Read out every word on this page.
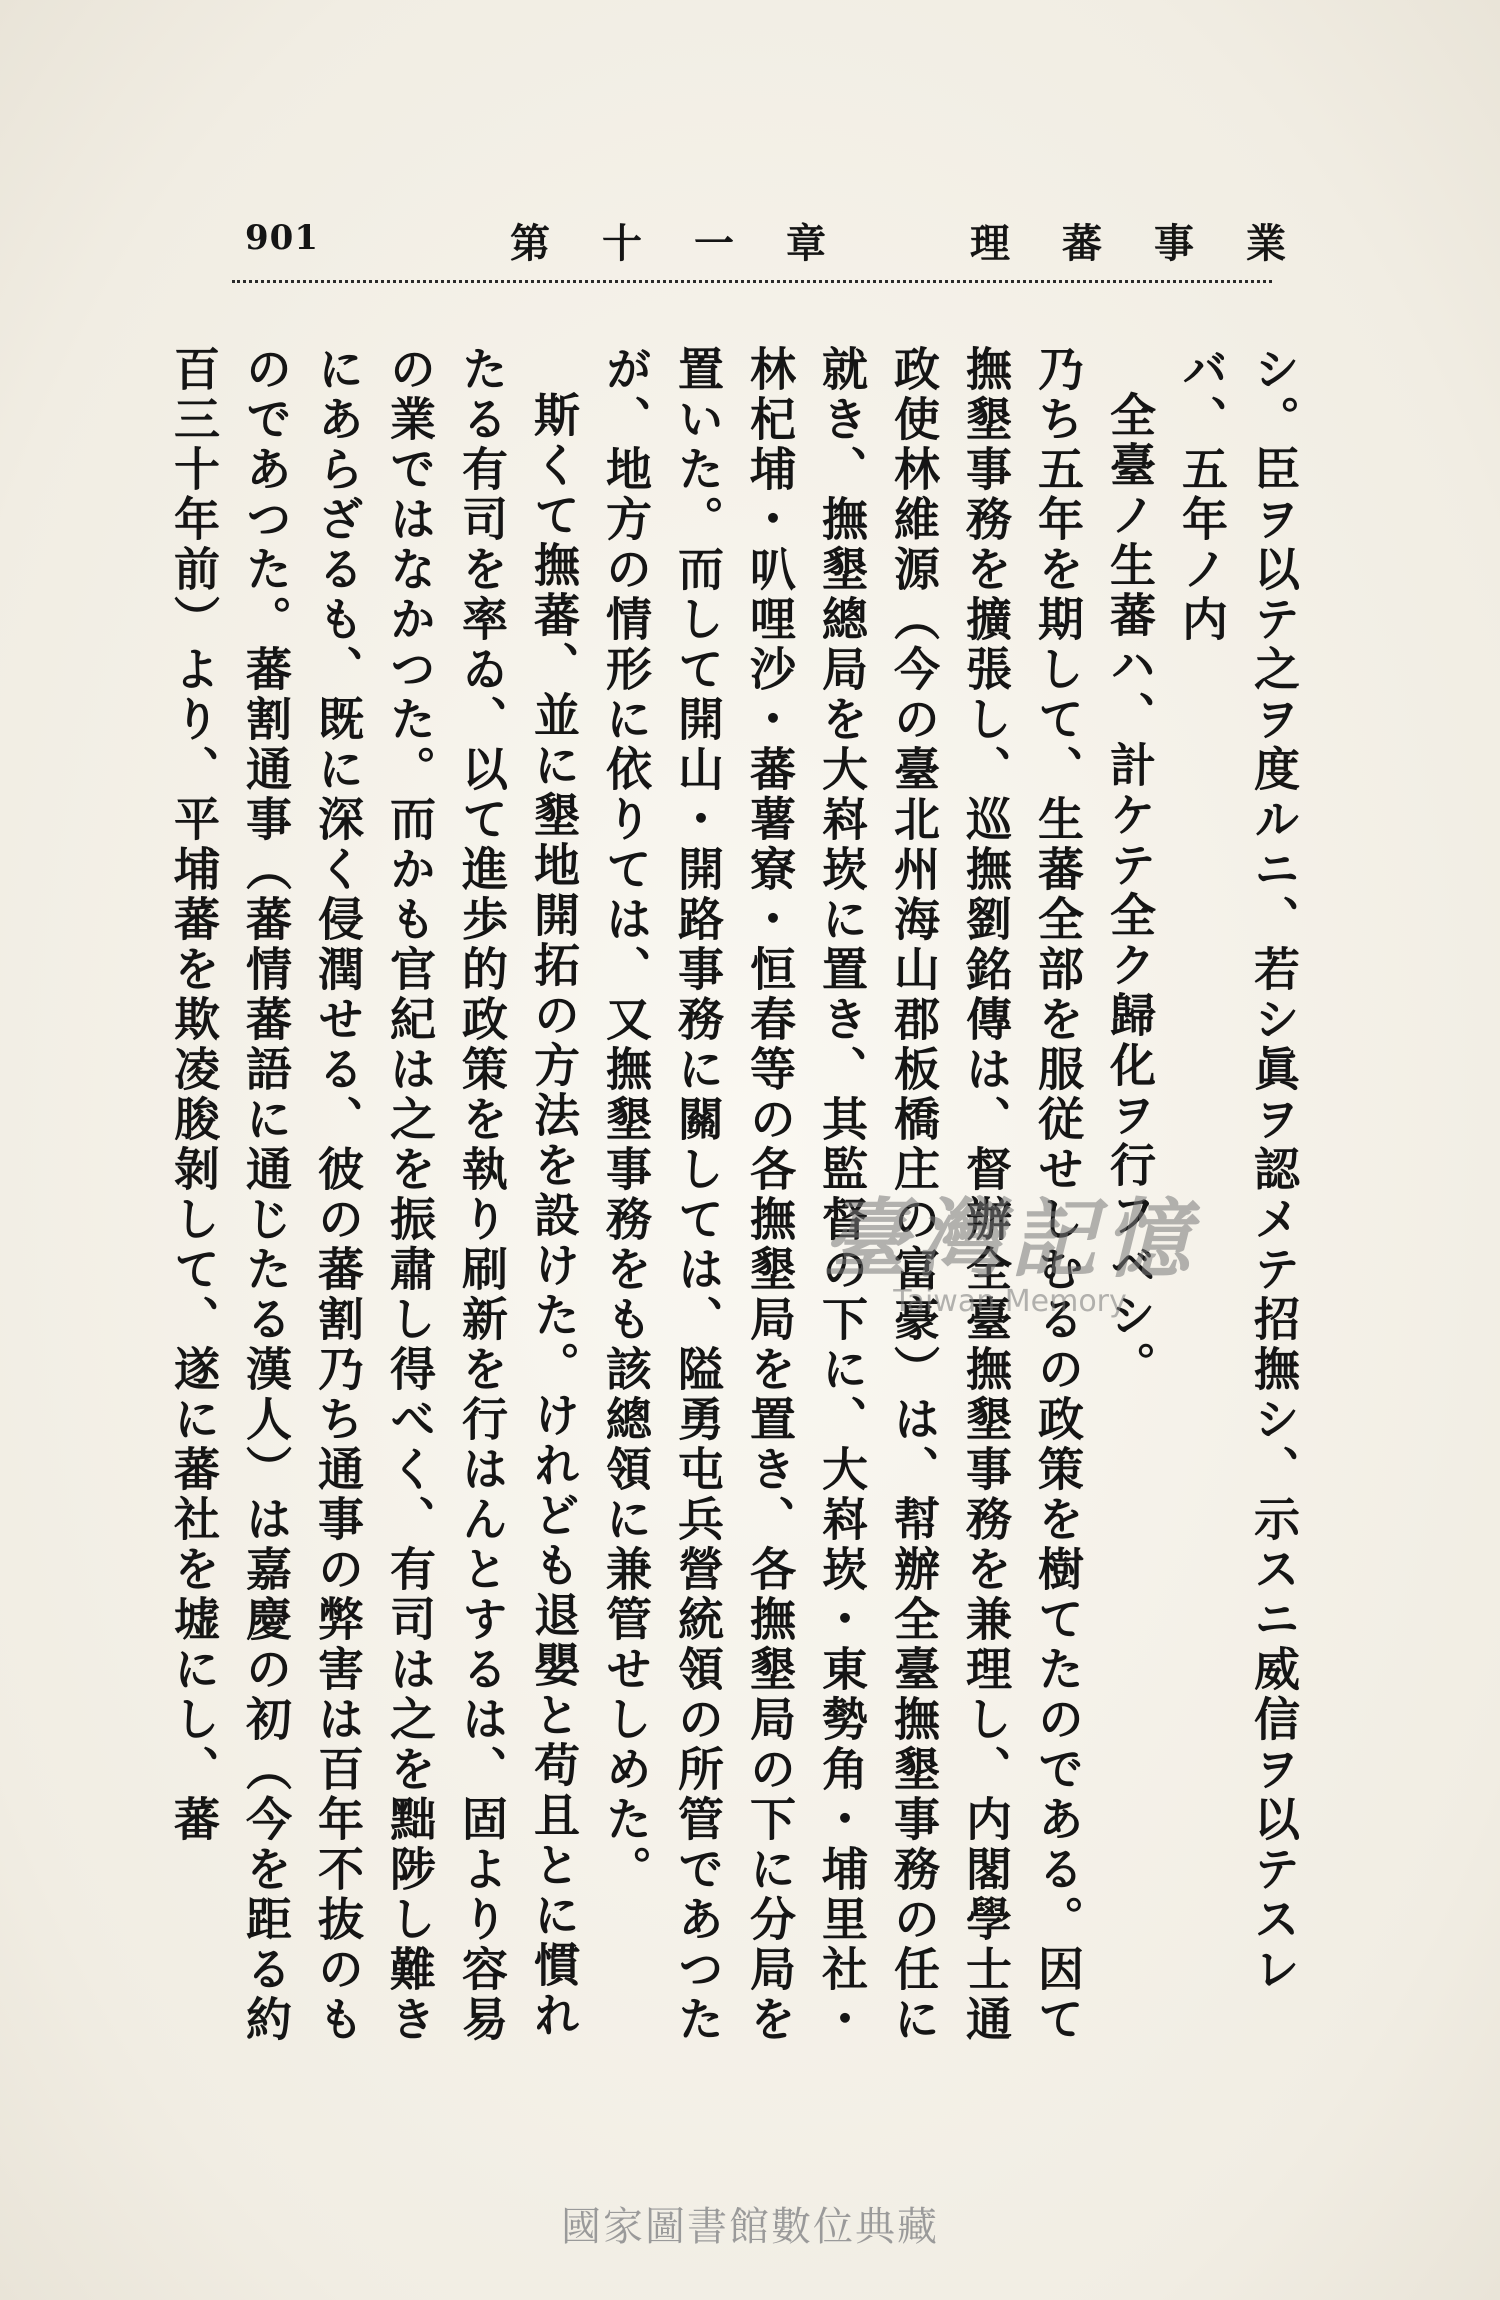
901	第十一章　理蕃事業

シ。臣ヲ以テ之ヲ度ルニ、若シ眞ヲ認メテ招撫シ、示スニ威信ヲ以テスレバ、五年ノ内

全臺ノ生蕃ハ、計ケテ全ク歸化ヲ行フベシ。

乃ち五年を期して、生蕃全部を服従せしむるの政策を樹てたのである。因て撫墾事務を擴張し、巡撫劉銘傳は、督辦全臺撫墾事務を兼理し、内閣學士通政使林維源（今の臺北州海山郡板橋庄の富豪）は、幇辦全臺撫墾事務の任に就き、撫墾總局を大嵙崁に置き、其監督の下に、大嵙崁・東勢角・埔里社・林杞埔・叭哩沙・蕃薯寮・恒春等の各撫墾局を置き、各撫墾局の下に分局を置いた。而して開山・開路事務に關しては、隘勇屯兵營統領の所管であつたが、地方の情形に依りては、又撫墾事務をも該總領に兼管せしめた。

斯くて撫蕃、並に墾地開拓の方法を設けた。けれども退嬰と苟且とに慣れたる有司を率ゐ、以て進歩的政策を執り刷新を行はんとするは、固より容易の業ではなかつた。而かも官紀は之を振肅し得べく、有司は之を黜陟し難きにあらざるも、既に深く侵潤せる、彼の蕃割乃ち通事の弊害は百年不抜のものであつた。蕃割通事（蕃情蕃語に通じたる漢人）は嘉慶の初（今を距る約百三十年前）より、平埔蕃を欺凌朘剝して、遂に蕃社を墟にし、蕃	臺灣記憶
Taiwan Memory
國家圖書館數位典藏
